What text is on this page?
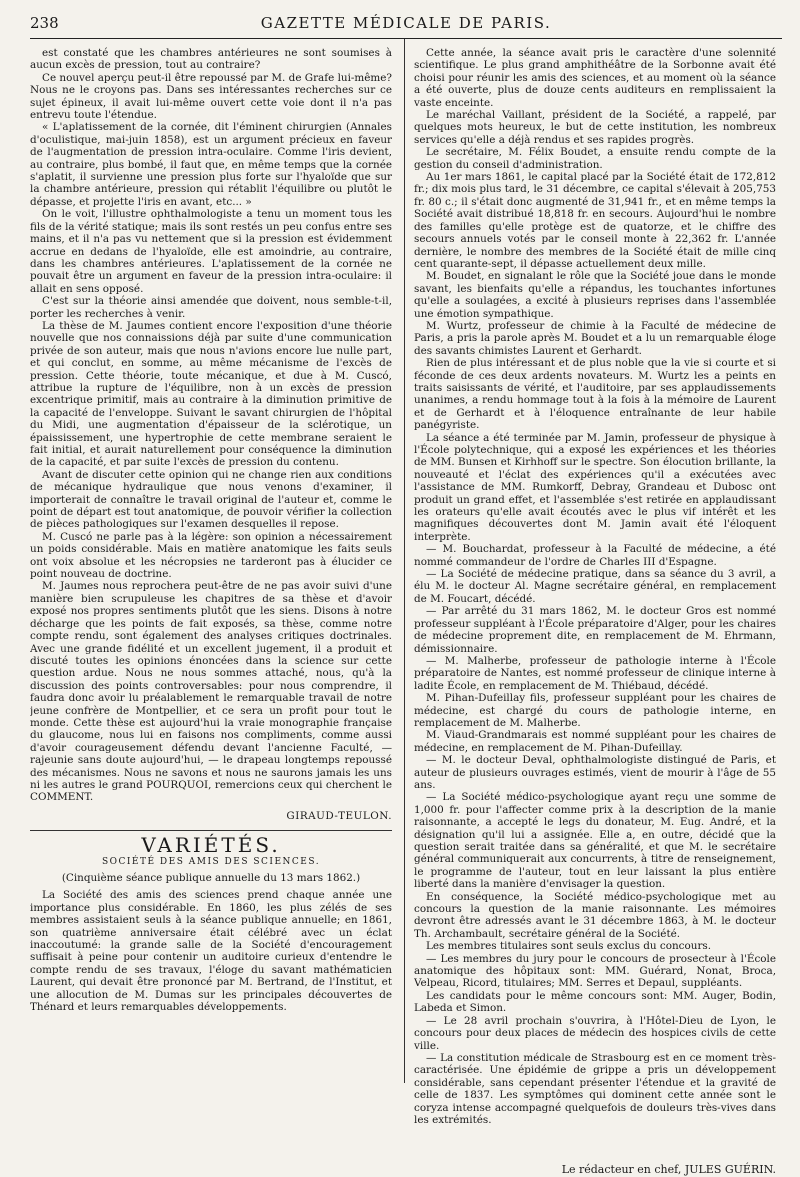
238	GAZETTE MÉDICALE DE PARIS.

est constaté que les chambres antérieures ne sont soumises à aucun excès de pression, tout au contraire?

Ce nouvel aperçu peut-il être repoussé par M. de Grafe lui-même? Nous ne le croyons pas. Dans ses intéressantes recherches sur ce sujet épineux, il avait lui-même ouvert cette voie dont il n'a pas entrevu toute l'étendue.

« L'aplatissement de la cornée, dit l'éminent chirurgien (Annales d'oculistique, mai-juin 1858), est un argument précieux en faveur de l'augmentation de pression intra-oculaire. Comme l'iris devient, au contraire, plus bombé, il faut que, en même temps que la cornée s'aplatit, il survienne une pression plus forte sur l'hyaloïde que sur la chambre antérieure, pression qui rétablit l'équilibre ou plutôt le dépasse, et projette l'iris en avant, etc... »

On le voit, l'illustre ophthalmologiste a tenu un moment tous les fils de la vérité statique; mais ils sont restés un peu confus entre ses mains, et il n'a pas vu nettement que si la pression est évidemment accrue en dedans de l'hyaloïde, elle est amoindrie, au contraire, dans les chambres antérieures. L'aplatissement de la cornée ne pouvait être un argument en faveur de la pression intra-oculaire: il allait en sens opposé.

C'est sur la théorie ainsi amendée que doivent, nous semble-t-il, porter les recherches à venir.

La thèse de M. Jaumes contient encore l'exposition d'une théorie nouvelle que nos connaissions déjà par suite d'une communication privée de son auteur, mais que nous n'avions encore lue nulle part, et qui conclut, en somme, au même mécanisme de l'excès de pression. Cette théorie, toute mécanique, et due à M. Cuscó, attribue la rupture de l'équilibre, non à un excès de pression excentrique primitif, mais au contraire à la diminution primitive de la capacité de l'enveloppe. Suivant le savant chirurgien de l'hôpital du Midi, une augmentation d'épaisseur de la sclérotique, un épaississement, une hypertrophie de cette membrane seraient le fait initial, et aurait naturellement pour conséquence la diminution de la capacité, et par suite l'excès de pression du contenu.

Avant de discuter cette opinion qui ne change rien aux conditions de mécanique hydraulique que nous venons d'examiner, il importerait de connaître le travail original de l'auteur et, comme le point de départ est tout anatomique, de pouvoir vérifier la collection de pièces pathologiques sur l'examen desquelles il repose.

M. Cuscó ne parle pas à la légère: son opinion a nécessairement un poids considérable. Mais en matière anatomique les faits seuls ont voix absolue et les nécropsies ne tarderont pas à élucider ce point nouveau de doctrine.

M. Jaumes nous reprochera peut-être de ne pas avoir suivi d'une manière bien scrupuleuse les chapitres de sa thèse et d'avoir exposé nos propres sentiments plutôt que les siens. Disons à notre décharge que les points de fait exposés, sa thèse, comme notre compte rendu, sont également des analyses critiques doctrinales. Avec une grande fidélité et un excellent jugement, il a produit et discuté toutes les opinions énoncées dans la science sur cette question ardue. Nous ne nous sommes attaché, nous, qu'à la discussion des points controversables: pour nous comprendre, il faudra donc avoir lu préalablement le remarquable travail de notre jeune confrère de Montpellier, et ce sera un profit pour tout le monde. Cette thèse est aujourd'hui la vraie monographie française du glaucome, nous lui en faisons nos compliments, comme aussi d'avoir courageusement défendu devant l'ancienne Faculté, — rajeunie sans doute aujourd'hui, — le drapeau longtemps repoussé des mécanismes. Nous ne savons et nous ne saurons jamais les uns ni les autres le grand POURQUOI, remercions ceux qui cherchent le COMMENT.

GIRAUD-TEULON.
VARIÉTÉS.
SOCIÉTÉ DES AMIS DES SCIENCES.
(Cinquième séance publique annuelle du 13 mars 1862.)

La Société des amis des sciences prend chaque année une importance plus considérable. En 1860, les plus zélés de ses membres assistaient seuls à la séance publique annuelle; en 1861, son quatrième anniversaire était célébré avec un éclat inaccoutumé: la grande salle de la Société d'encouragement suffisait à peine pour contenir un auditoire curieux d'entendre le compte rendu de ses travaux, l'éloge du savant mathématicien Laurent, qui devait être prononcé par M. Bertrand, de l'Institut, et une allocution de M. Dumas sur les principales découvertes de Thénard et leurs remarquables développements.

Cette année, la séance avait pris le caractère d'une solennité scientifique. Le plus grand amphithéâtre de la Sorbonne avait été choisi pour réunir les amis des sciences, et au moment où la séance a été ouverte, plus de douze cents auditeurs en remplissaient la vaste enceinte.

Le maréchal Vaillant, président de la Société, a rappelé, par quelques mots heureux, le but de cette institution, les nombreux services qu'elle a déjà rendus et ses rapides progrès.

Le secrétaire, M. Félix Boudet, a ensuite rendu compte de la gestion du conseil d'administration.

Au 1er mars 1861, le capital placé par la Société était de 172,812 fr.; dix mois plus tard, le 31 décembre, ce capital s'élevait à 205,753 fr. 80 c.; il s'était donc augmenté de 31,941 fr., et en même temps la Société avait distribué 18,818 fr. en secours. Aujourd'hui le nombre des familles qu'elle protège est de quatorze, et le chiffre des secours annuels votés par le conseil monte à 22,362 fr. L'année dernière, le nombre des membres de la Société était de mille cinq cent quarante-sept, il dépasse actuellement deux mille.

M. Boudet, en signalant le rôle que la Société joue dans le monde savant, les bienfaits qu'elle a répandus, les touchantes infortunes qu'elle a soulagées, a excité à plusieurs reprises dans l'assemblée une émotion sympathique.

M. Wurtz, professeur de chimie à la Faculté de médecine de Paris, a pris la parole après M. Boudet et a lu un remarquable éloge des savants chimistes Laurent et Gerhardt.

Rien de plus intéressant et de plus noble que la vie si courte et si féconde de ces deux ardents novateurs. M. Wurtz les a peints en traits saisissants de vérité, et l'auditoire, par ses applaudissements unanimes, a rendu hommage tout à la fois à la mémoire de Laurent et de Gerhardt et à l'éloquence entraînante de leur habile panégyriste.

La séance a été terminée par M. Jamin, professeur de physique à l'École polytechnique, qui a exposé les expériences et les théories de MM. Bunsen et Kirhhoff sur le spectre. Son élocution brillante, la nouveauté et l'éclat des expériences qu'il a exécutées avec l'assistance de MM. Rumkorff, Debray, Grandeau et Dubosc ont produit un grand effet, et l'assemblée s'est retirée en applaudissant les orateurs qu'elle avait écoutés avec le plus vif intérêt et les magnifiques découvertes dont M. Jamin avait été l'éloquent interprète.

— M. Bouchardat, professeur à la Faculté de médecine, a été nommé commandeur de l'ordre de Charles III d'Espagne.

— La Société de médecine pratique, dans sa séance du 3 avril, a élu M. le docteur Al. Magne secrétaire général, en remplacement de M. Foucart, décédé.

— Par arrêté du 31 mars 1862, M. le docteur Gros est nommé professeur suppléant à l'École préparatoire d'Alger, pour les chaires de médecine proprement dite, en remplacement de M. Ehrmann, démissionnaire.

— M. Malherbe, professeur de pathologie interne à l'École préparatoire de Nantes, est nommé professeur de clinique interne à ladite École, en remplacement de M. Thiébaud, décédé.

M. Pihan-Dufeillay fils, professeur suppléant pour les chaires de médecine, est chargé du cours de pathologie interne, en remplacement de M. Malherbe.

M. Viaud-Grandmarais est nommé suppléant pour les chaires de médecine, en remplacement de M. Pihan-Dufeillay.

— M. le docteur Deval, ophthalmologiste distingué de Paris, et auteur de plusieurs ouvrages estimés, vient de mourir à l'âge de 55 ans.

— La Société médico-psychologique ayant reçu une somme de 1,000 fr. pour l'affecter comme prix à la description de la manie raisonnante, a accepté le legs du donateur, M. Eug. André, et la désignation qu'il lui a assignée. Elle a, en outre, décidé que la question serait traitée dans sa généralité, et que M. le secrétaire général communiquerait aux concurrents, à titre de renseignement, le programme de l'auteur, tout en leur laissant la plus entière liberté dans la manière d'envisager la question.

En conséquence, la Société médico-psychologique met au concours la question de la manie raisonnante. Les mémoires devront être adressés avant le 31 décembre 1863, à M. le docteur Th. Archambault, secrétaire général de la Société.

Les membres titulaires sont seuls exclus du concours.

— Les membres du jury pour le concours de prosecteur à l'École anatomique des hôpitaux sont: MM. Guérard, Nonat, Broca, Velpeau, Ricord, titulaires; MM. Serres et Depaul, suppléants.

Les candidats pour le même concours sont: MM. Auger, Bodin, Labeda et Simon.

— Le 28 avril prochain s'ouvrira, à l'Hôtel-Dieu de Lyon, le concours pour deux places de médecin des hospices civils de cette ville.

— La constitution médicale de Strasbourg est en ce moment très-caractérisée. Une épidémie de grippe a pris un développement considérable, sans cependant présenter l'étendue et la gravité de celle de 1837. Les symptômes qui dominent cette année sont le coryza intense accompagné quelquefois de douleurs très-vives dans les extrémités.

Le rédacteur en chef, JULES GUÉRIN.
